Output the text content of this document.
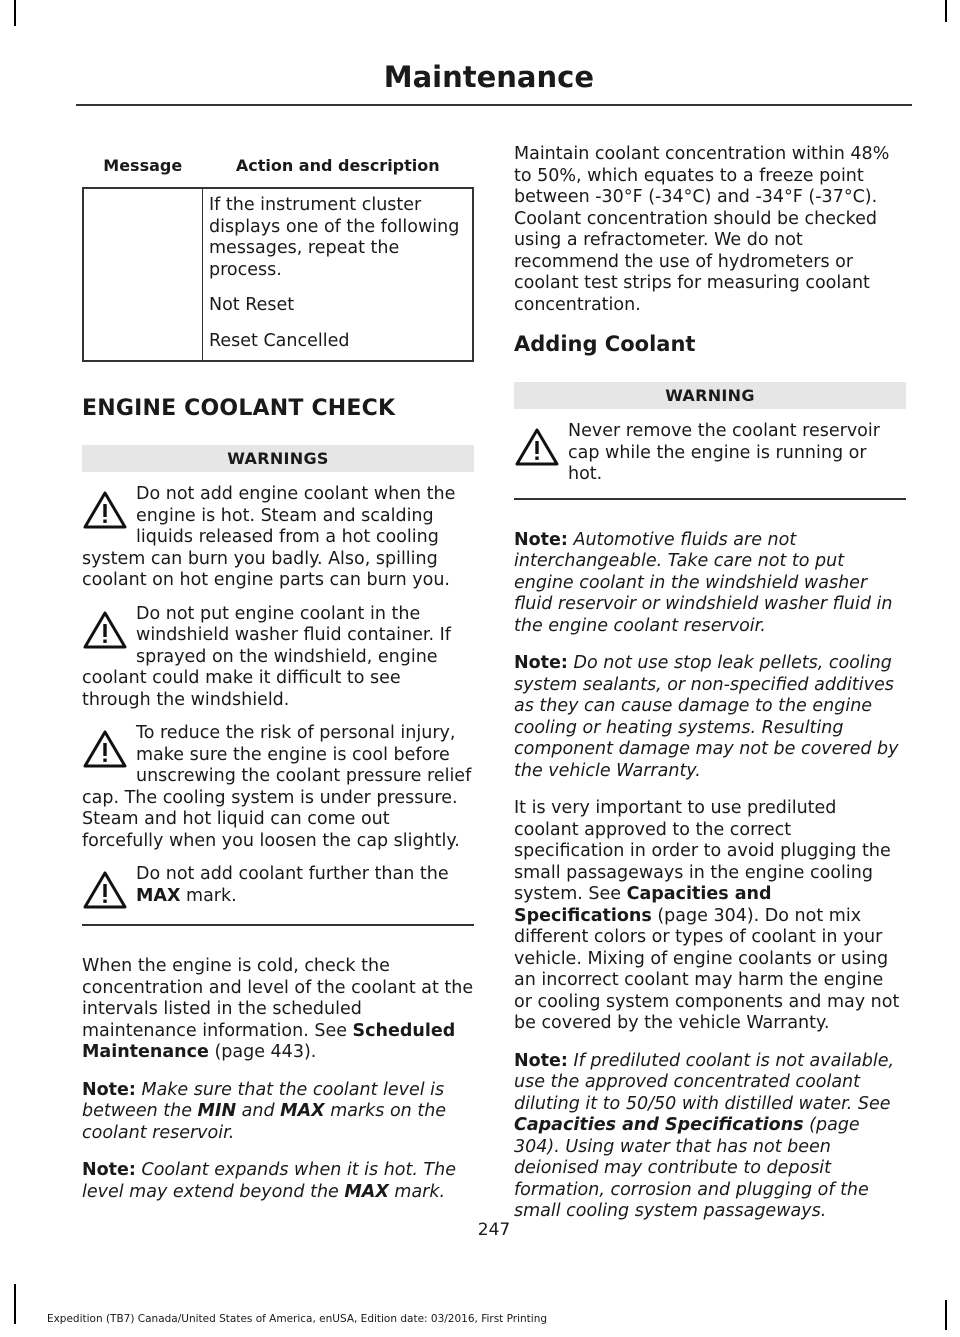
Maintenance
Message	Action and description

	If the instrument cluster displays one of the following messages, repeat the process.

Not Reset

Reset Cancelled

ENGINE COOLANT CHECK
WARNINGS
Do not add engine coolant when the engine is hot. Steam and scalding liquids released from a hot cooling system can burn you badly. Also, spilling coolant on hot engine parts can burn you.
Do not put engine coolant in the windshield washer fluid container. If sprayed on the windshield, engine coolant could make it difficult to see through the windshield.
To reduce the risk of personal injury, make sure the engine is cool before unscrewing the coolant pressure relief cap. The cooling system is under pressure. Steam and hot liquid can come out forcefully when you loosen the cap slightly.
Do not add coolant further than the MAX mark.

When the engine is cold, check the concentration and level of the coolant at the intervals listed in the scheduled maintenance information. See Scheduled Maintenance (page 443).

Note: Make sure that the coolant level is between the MIN and MAX marks on the coolant reservoir.

Note: Coolant expands when it is hot. The level may extend beyond the MAX mark.

Maintain coolant concentration within 48% to 50%, which equates to a freeze point between -30°F (-34°C) and -34°F (-37°C). Coolant concentration should be checked using a refractometer. We do not recommend the use of hydrometers or coolant test strips for measuring coolant concentration.

Adding Coolant
WARNING
Never remove the coolant reservoir cap while the engine is running or hot.

Note: Automotive fluids are not interchangeable. Take care not to put engine coolant in the windshield washer fluid reservoir or windshield washer fluid in the engine coolant reservoir.

Note: Do not use stop leak pellets, cooling system sealants, or non-specified additives as they can cause damage to the engine cooling or heating systems. Resulting component damage may not be covered by the vehicle Warranty.

It is very important to use prediluted coolant approved to the correct specification in order to avoid plugging the small passageways in the engine cooling system. See Capacities and Specifications (page 304). Do not mix different colors or types of coolant in your vehicle. Mixing of engine coolants or using an incorrect coolant may harm the engine or cooling system components and may not be covered by the vehicle Warranty.

Note: If prediluted coolant is not available, use the approved concentrated coolant diluting it to 50/50 with distilled water. See Capacities and Specifications (page 304). Using water that has not been deionised may contribute to deposit formation, corrosion and plugging of the small cooling system passageways.

247
Expedition (TB7) Canada/United States of America, enUSA, Edition date: 03/2016, First Printing
